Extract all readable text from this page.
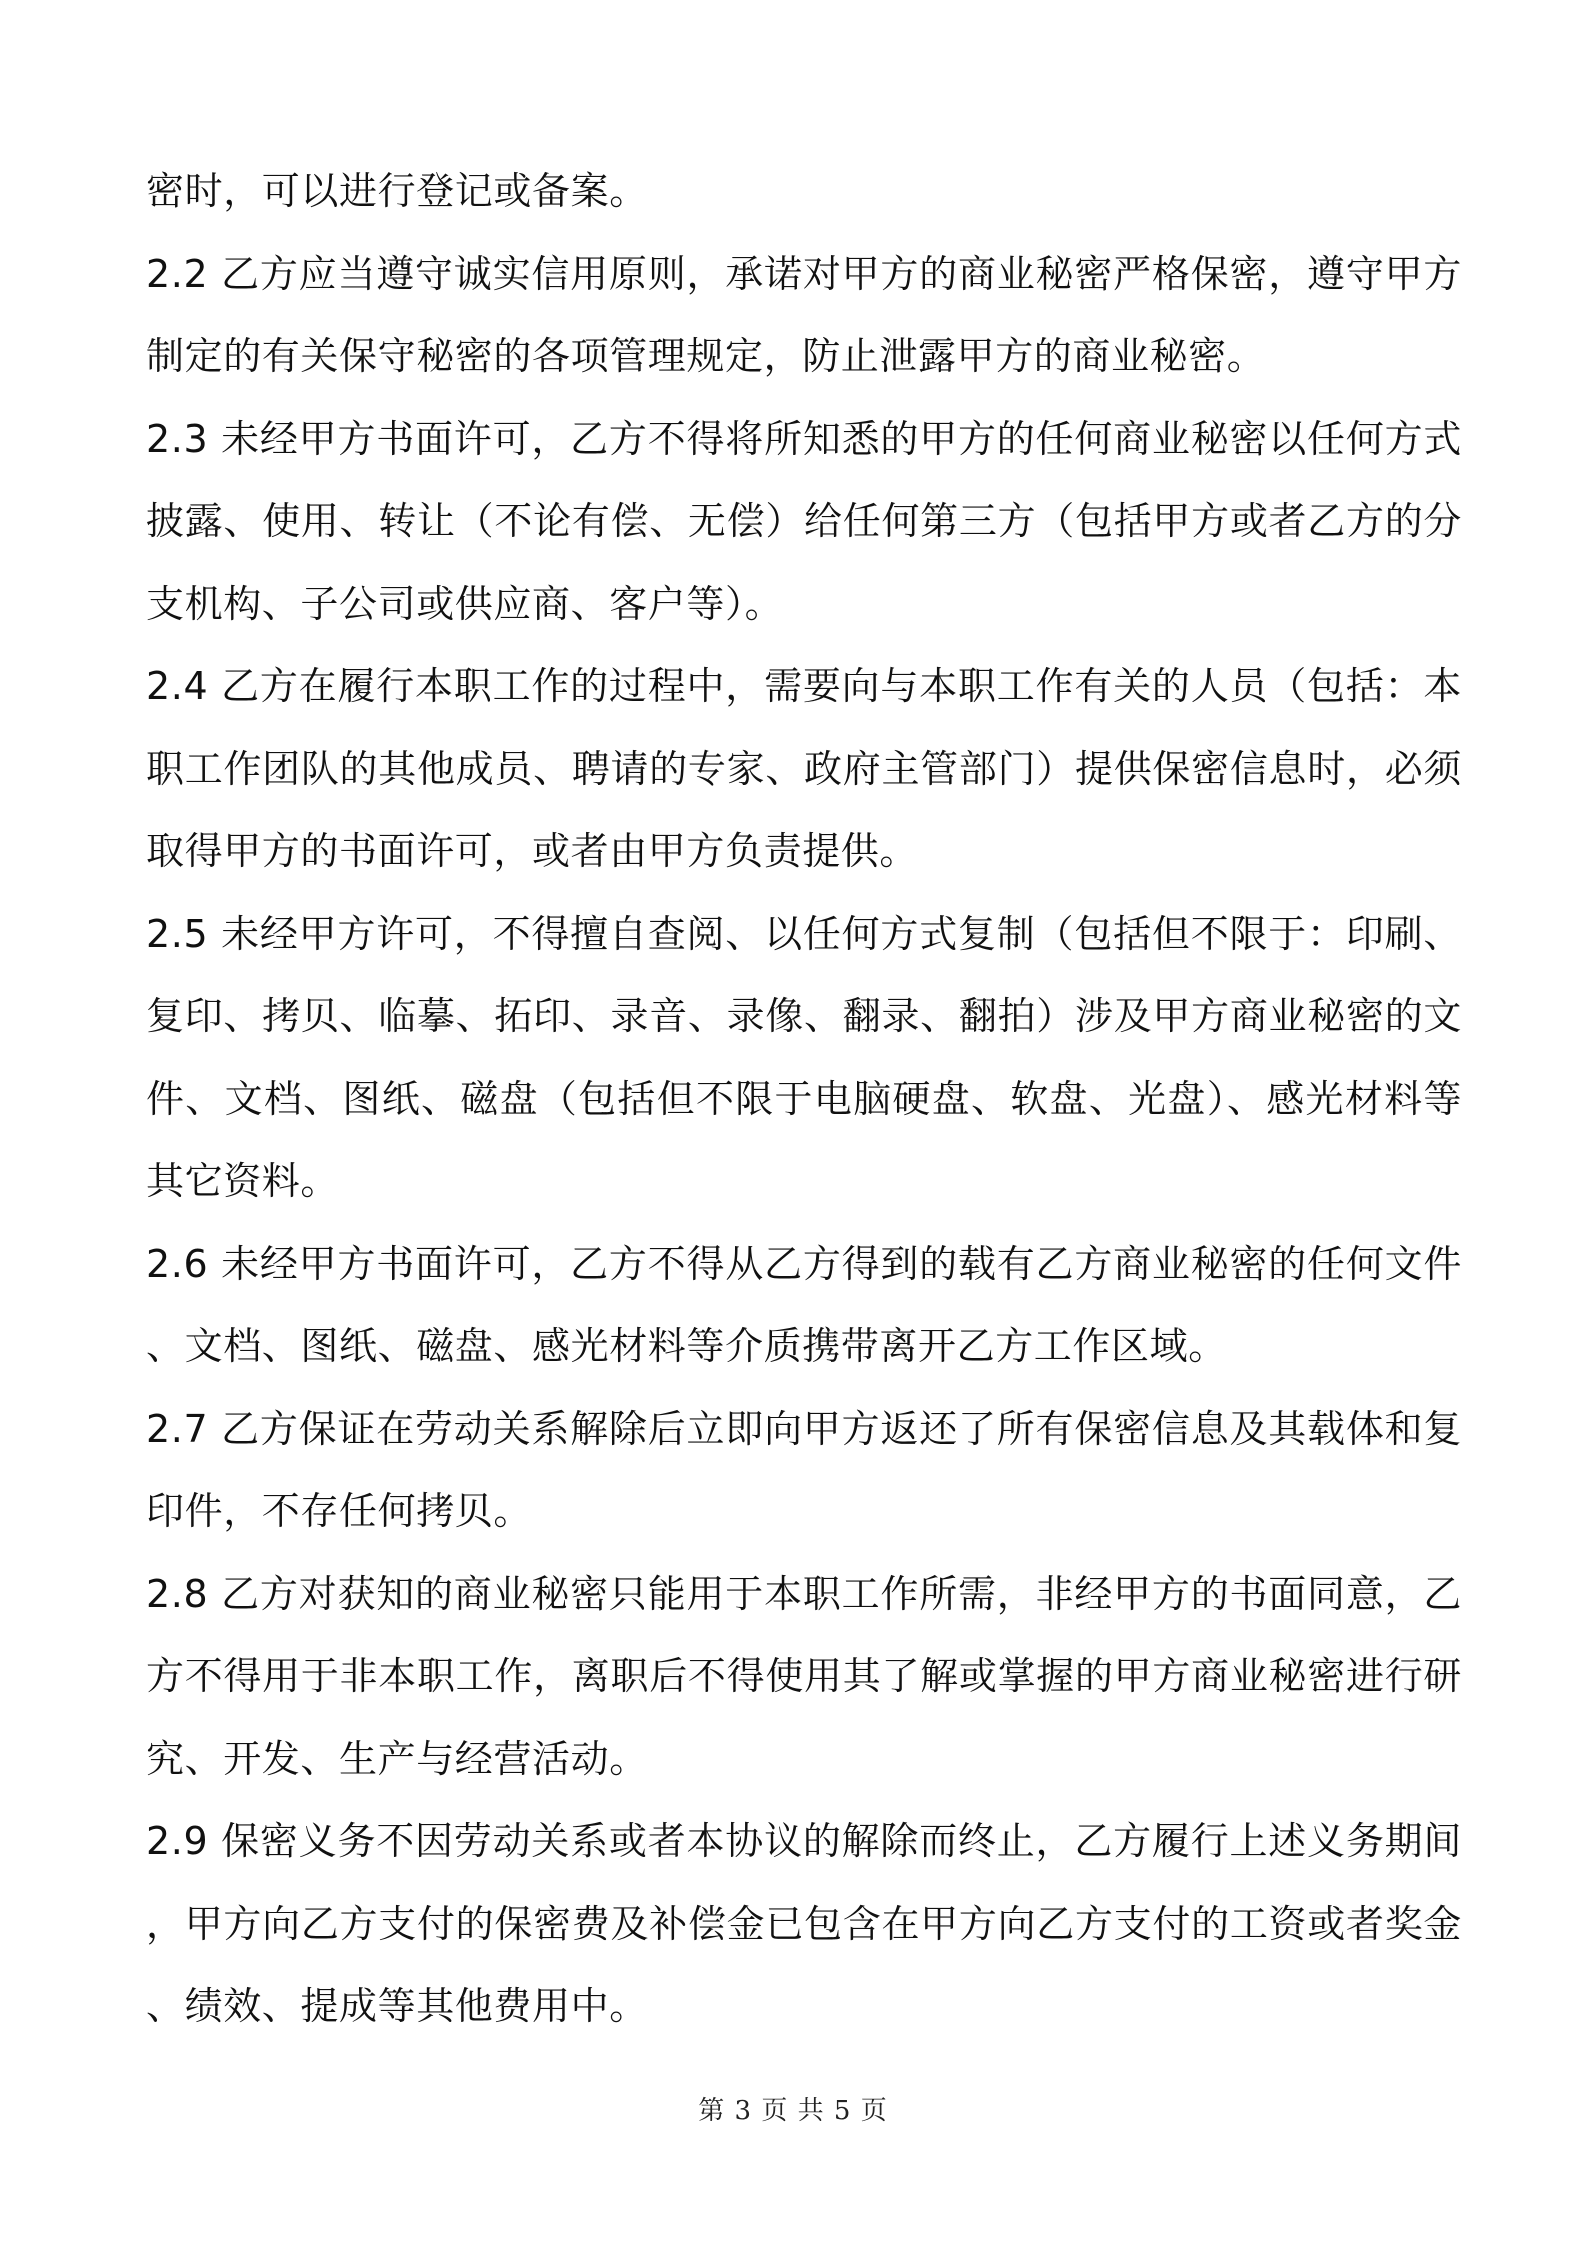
密时，可以进行登记或备案。

2.2 乙方应当遵守诚实信用原则，承诺对甲方的商业秘密严格保密，遵守甲方制定的有关保守秘密的各项管理规定，防止泄露甲方的商业秘密。

2.3 未经甲方书面许可，乙方不得将所知悉的甲方的任何商业秘密以任何方式披露、使用、转让（不论有偿、无偿）给任何第三方（包括甲方或者乙方的分支机构、子公司或供应商、客户等）。

2.4 乙方在履行本职工作的过程中，需要向与本职工作有关的人员（包括：本职工作团队的其他成员、聘请的专家、政府主管部门）提供保密信息时，必须取得甲方的书面许可，或者由甲方负责提供。

2.5 未经甲方许可，不得擅自查阅、以任何方式复制（包括但不限于：印刷、复印、拷贝、临摹、拓印、录音、录像、翻录、翻拍）涉及甲方商业秘密的文件、文档、图纸、磁盘（包括但不限于电脑硬盘、软盘、光盘）、感光材料等其它资料。

2.6 未经甲方书面许可，乙方不得从乙方得到的载有乙方商业秘密的任何文件、文档、图纸、磁盘、感光材料等介质携带离开乙方工作区域。

2.7 乙方保证在劳动关系解除后立即向甲方返还了所有保密信息及其载体和复印件，不存任何拷贝。

2.8 乙方对获知的商业秘密只能用于本职工作所需，非经甲方的书面同意，乙方不得用于非本职工作，离职后不得使用其了解或掌握的甲方商业秘密进行研究、开发、生产与经营活动。

2.9 保密义务不因劳动关系或者本协议的解除而终止，乙方履行上述义务期间，甲方向乙方支付的保密费及补偿金已包含在甲方向乙方支付的工资或者奖金、绩效、提成等其他费用中。

第 3 页 共 5 页
